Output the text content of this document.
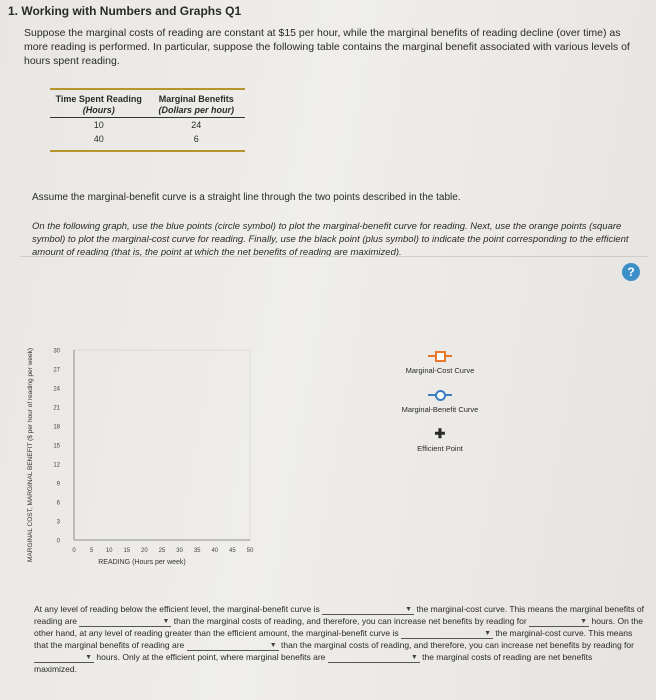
1. Working with Numbers and Graphs Q1
Suppose the marginal costs of reading are constant at $15 per hour, while the marginal benefits of reading decline (over time) as more reading is performed. In particular, suppose the following table contains the marginal benefit associated with various levels of hours spent reading.
Time Spent Reading
(Hours)
Marginal Benefits
(Dollars per hour)
10	24
40	6
Assume the marginal-benefit curve is a straight line through the two points described in the table.
On the following graph, use the blue points (circle symbol) to plot the marginal-benefit curve for reading. Next, use the orange points (square symbol) to plot the marginal-cost curve for reading. Finally, use the black point (plus symbol) to indicate the point corresponding to the efficient amount of reading (that is, the point at which the net benefits of reading are maximized).
?
0
3
6
9
12
15
18
21
24
27
30
0 5 10 15 20 25 30 35 40 45 50
READING (Hours per week)
MARGINAL COST, MARGINAL BENEFIT ($ per hour of reading per week)	Marginal-Cost Curve
Marginal-Benefit Curve
✚
Efficient Point
At any level of reading below the efficient level, the marginal-benefit curve is	▼ the marginal-cost curve. This means the marginal benefits of
reading are	▼ than the marginal costs of reading, and therefore, you can increase net benefits by reading for	▼ hours. On the
other hand, at any level of reading greater than the efficient amount, the marginal-benefit curve is	▼ the marginal-cost curve. This means
that the marginal benefits of reading are	▼ than the marginal costs of reading, and therefore, you can increase net benefits by reading for
▼ hours. Only at the efficient point, where marginal benefits are	▼ the marginal costs of reading are net benefits
maximized.
